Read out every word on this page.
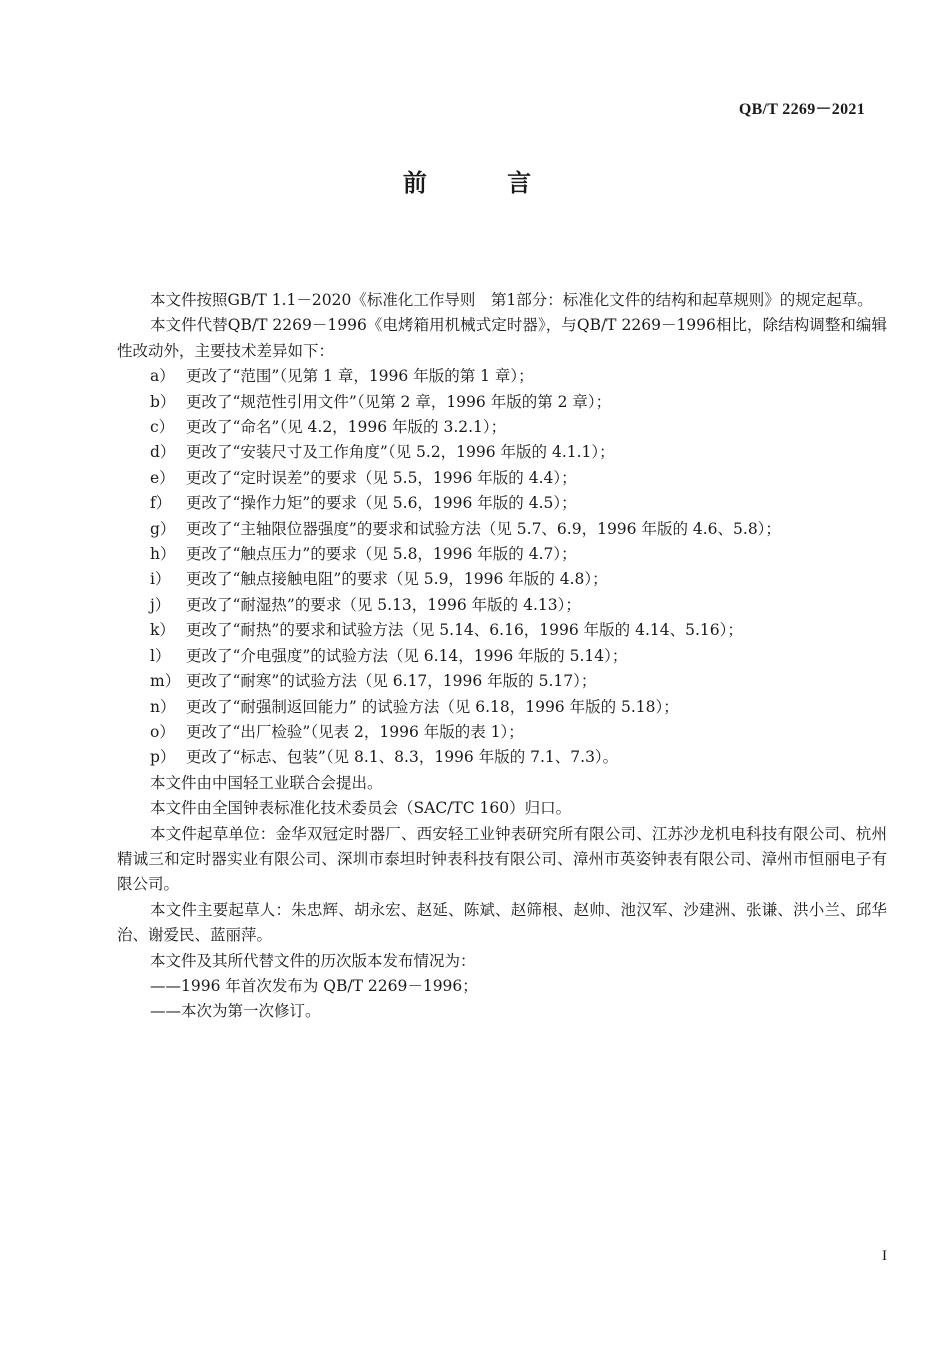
QB/T 2269－2021
前 言

本文件按照GB/T 1.1－2020《标准化工作导则　第1部分：标准化文件的结构和起草规则》的规定起草。

本文件代替QB/T 2269－1996《电烤箱用机械式定时器》，与QB/T 2269－1996相比，除结构调整和编辑性改动外，主要技术差异如下：

a） 更改了“范围”（见第 1 章，1996 年版的第 1 章）；

b） 更改了“规范性引用文件”（见第 2 章，1996 年版的第 2 章）；

c） 更改了“命名”（见 4.2，1996 年版的 3.2.1）；

d） 更改了“安装尺寸及工作角度”（见 5.2，1996 年版的 4.1.1）；

e） 更改了“定时误差”的要求（见 5.5，1996 年版的 4.4）；

f） 更改了“操作力矩”的要求（见 5.6，1996 年版的 4.5）；

g） 更改了“主轴限位器强度”的要求和试验方法（见 5.7、6.9，1996 年版的 4.6、5.8）；

h） 更改了“触点压力”的要求（见 5.8，1996 年版的 4.7）；

i） 更改了“触点接触电阻”的要求（见 5.9，1996 年版的 4.8）；

j） 更改了“耐湿热”的要求（见 5.13，1996 年版的 4.13）；

k） 更改了“耐热”的要求和试验方法（见 5.14、6.16，1996 年版的 4.14、5.16）；

l） 更改了“介电强度”的试验方法（见 6.14，1996 年版的 5.14）；

m） 更改了“耐寒”的试验方法（见 6.17，1996 年版的 5.17）；

n） 更改了“耐强制返回能力” 的试验方法（见 6.18，1996 年版的 5.18）；

o） 更改了“出厂检验”（见表 2，1996 年版的表 1）；

p） 更改了“标志、包装”（见 8.1、8.3，1996 年版的 7.1、7.3）。

本文件由中国轻工业联合会提出。

本文件由全国钟表标准化技术委员会（SAC/TC 160）归口。

本文件起草单位：金华双冠定时器厂、西安轻工业钟表研究所有限公司、江苏沙龙机电科技有限公司、杭州精诚三和定时器实业有限公司、深圳市泰坦时钟表科技有限公司、漳州市英姿钟表有限公司、漳州市恒丽电子有限公司。

本文件主要起草人：朱忠辉、胡永宏、赵延、陈斌、赵筛根、赵帅、池汉军、沙建洲、张谦、洪小兰、邱华治、谢爱民、蓝丽萍。

本文件及其所代替文件的历次版本发布情况为：

——1996 年首次发布为 QB/T 2269－1996；

——本次为第一次修订。

I
